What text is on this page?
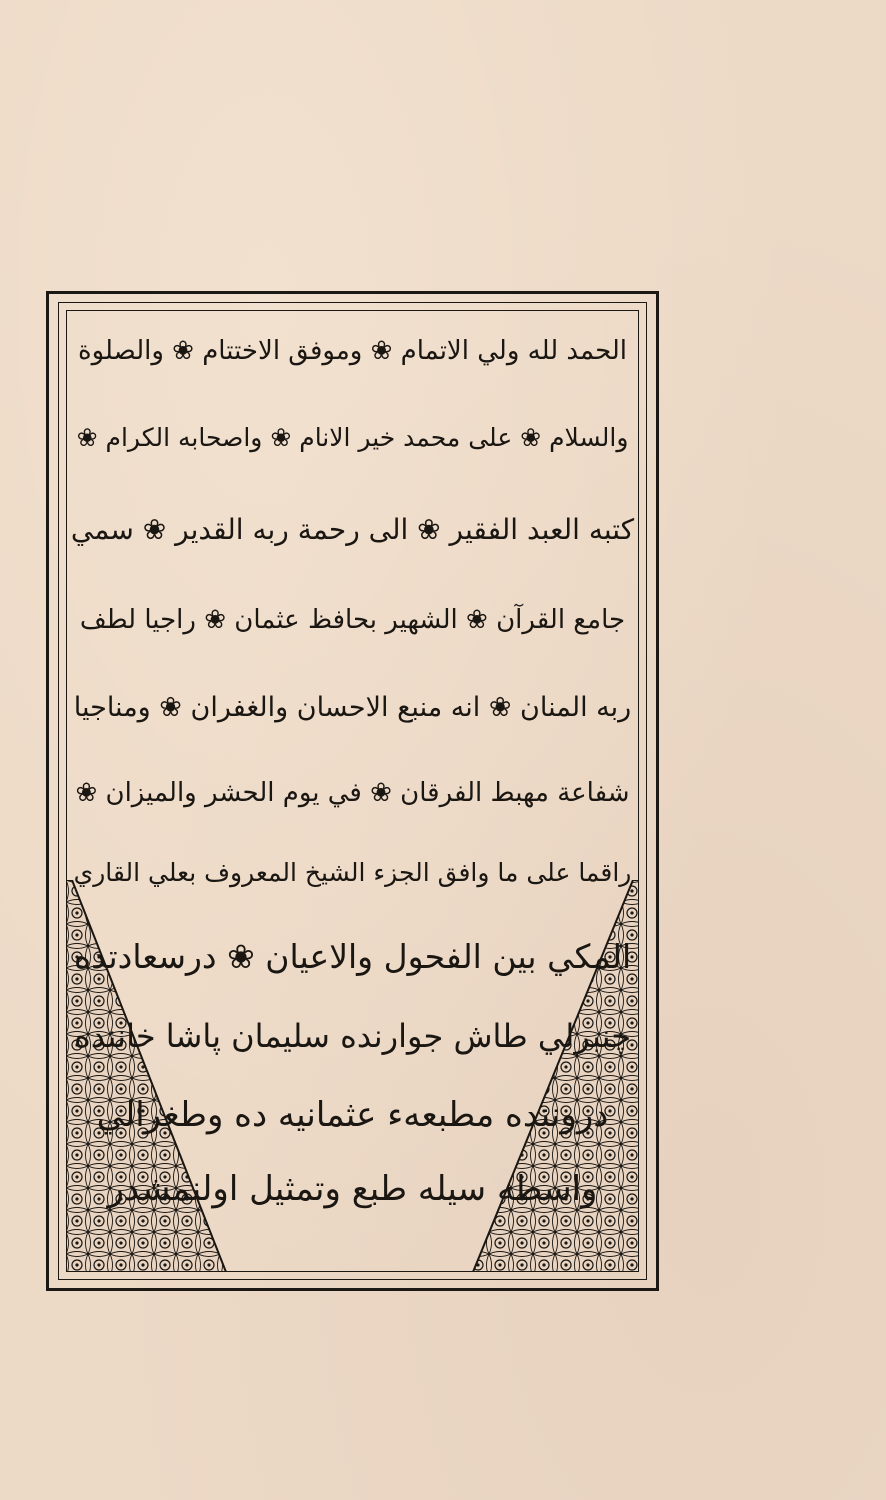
الحمد لله ولي الاتمام ❀ وموفق الاختتام ❀ والصلوة
والسلام ❀ على محمد خير الانام ❀ واصحابه الكرام ❀
كتبه العبد الفقير ❀ الى رحمة ربه القدير ❀ سمي
جامع القرآن ❀ الشهير بحافظ عثمان ❀ راجيا لطف
ربه المنان ❀ انه منبع الاحسان والغفران ❀ ومناجيا
شفاعة مهبط الفرقان ❀ في يوم الحشر والميزان ❀
راقما على ما وافق الجزء الشيخ المعروف بعلي القاري
المكي بين الفحول والاعيان ❀ درسعادتده
چنبرلي طاش جوارنده سليمان پاشا خاننده
دروننده مطبعهء عثمانيه ده وطغرالي
واسطه سيله طبع وتمثيل اولنمشدر
